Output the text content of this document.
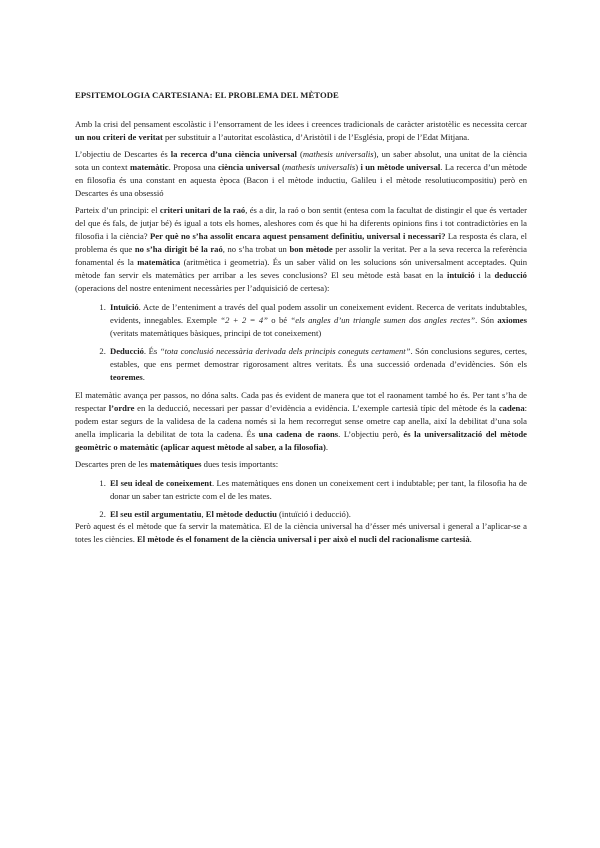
EPSITEMOLOGIA CARTESIANA: EL PROBLEMA DEL MÈTODE

Amb la crisi del pensament escolàstic i l’ensorrament de les idees i creences tradicionals de caràcter aristotèlic es necessita cercar un nou criteri de veritat per substituir a l’autoritat escolàstica, d’Aristòtil i de l’Església, propi de l’Edat Mitjana.

L’objectiu de Descartes és la recerca d’una ciència universal (mathesis universalis), un saber absolut, una unitat de la ciència sota un context matemàtic. Proposa una ciència universal (mathesis universalis) i un mètode universal. La recerca d’un mètode en filosofia és una constant en aquesta època (Bacon i el mètode inductiu, Galileu i el mètode resolutiucompositiu) però en Descartes és una obsessió

Parteix d’un principi: el criteri unitari de la raó, és a dir, la raó o bon sentit (entesa com la facultat de distingir el que és vertader del que és fals, de jutjar bé) és igual a tots els homes, aleshores com és que hi ha diferents opinions fins i tot contradictòries en la filosofia i la ciència? Per què no s’ha assolit encara aquest pensament definitiu, universal i necessari? La resposta és clara, el problema és que no s’ha dirigit bé la raó, no s’ha trobat un bon mètode per assolir la veritat. Per a la seva recerca la referència fonamental és la matemàtica (aritmètica i geometria). És un saber vàlid on les solucions són universalment acceptades. Quin mètode fan servir els matemàtics per arribar a les seves conclusions? El seu mètode està basat en la intuïció i la deducció (operacions del nostre enteniment necessàries per l’adquisició de certesa):

1. Intuïció. Acte de l’enteniment a través del qual podem assolir un coneixement evident. Recerca de veritats indubtables, evidents, innegables. Exemple “2 + 2 = 4” o bé “els angles d’un triangle sumen dos angles rectes”. Són axiomes (veritats matemàtiques bàsiques, principi de tot coneixement)
2. Deducció. És “tota conclusió necessària derivada dels principis coneguts certament”. Són conclusions segures, certes, estables, que ens permet demostrar rigorosament altres veritats. És una successió ordenada d’evidències. Són els teoremes.

El matemàtic avança per passos, no dóna salts. Cada pas és evident de manera que tot el raonament també ho és. Per tant s’ha de respectar l’ordre en la deducció, necessari per passar d’evidència a evidència. L’exemple cartesià típic del mètode és la cadena: podem estar segurs de la validesa de la cadena només si la hem recorregut sense ometre cap anella, així la debilitat d’una sola anella implicaria la debilitat de tota la cadena. És una cadena de raons. L’objectiu però, és la universalització del mètode geomètric o matemàtic (aplicar aquest mètode al saber, a la filosofia).

Descartes pren de les matemàtiques dues tesis importants:

1. El seu ideal de coneixement. Les matemàtiques ens donen un coneixement cert i indubtable; per tant, la filosofia ha de donar un saber tan estricte com el de les mates.
2. El seu estil argumentatiu, El mètode deductiu (intuïció i deducció).

Però aquest és el mètode que fa servir la matemàtica. El de la ciència universal ha d’ésser més universal i general a l’aplicar-se a totes les ciències. El mètode és el fonament de la ciència universal i per això el nucli del racionalisme cartesià.
